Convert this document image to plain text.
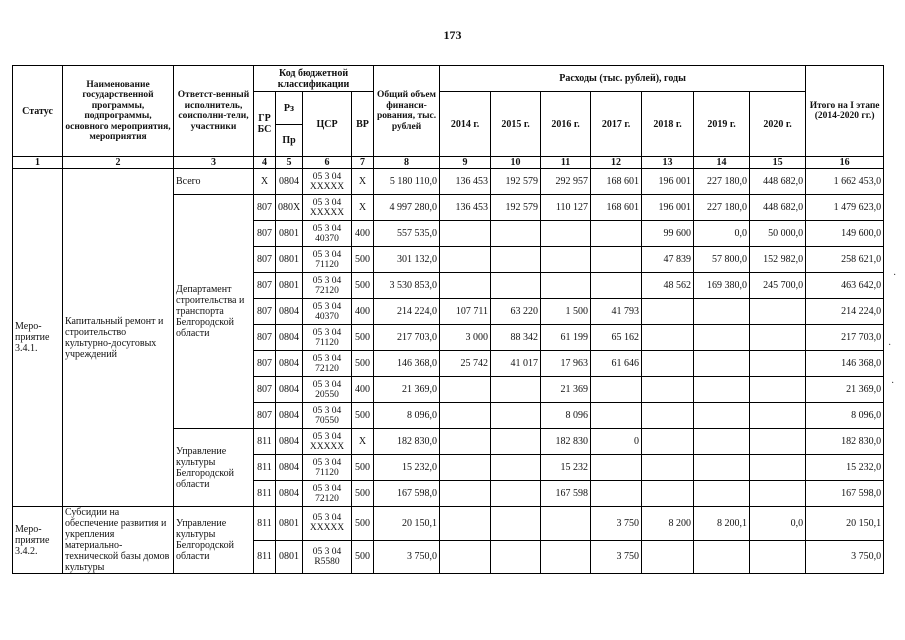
173
Статус	Наименование государственной программы, подпрограммы, основного мероприятия, мероприятия	Ответст-венный исполнитель, соисполни-тели, участники	Код бюджетной классификации				Общий объем финанси-рования, тыс. рублей	Расходы (тыс. рублей), годы							Итого на I этапе (2014-2020 гг.)
			ГР БС	Рз	ЦСР	ВР		2014 г.	2015 г.	2016 г.	2017 г.	2018 г.	2019 г.	2020 г.	
				Пр											
1	2	3	4	5	6	7	8	9	10	11	12	13	14	15	16
Меро-приятие 3.4.1.	Капитальный ремонт и строительство культурно-досуговых учреждений	Всего	Х	0804	05 3 04 ХХХХХ	Х	5 180 110,0	136 453	192 579	292 957	168 601	196 001	227 180,0	448 682,0	1 662 453,0
		Департамент строительства и транспорта Белгородской области	807	080Х	05 3 04 ХХХХХ	Х	4 997 280,0	136 453	192 579	110 127	168 601	196 001	227 180,0	448 682,0	1 479 623,0
			807	0801	05 3 04 40370	400	557 535,0					99 600	0,0	50 000,0	149 600,0
			807	0801	05 3 04 71120	500	301 132,0					47 839	57 800,0	152 982,0	258 621,0
			807	0801	05 3 04 72120	500	3 530 853,0					48 562	169 380,0	245 700,0	463 642,0
			807	0804	05 3 04 40370	400	214 224,0	107 711	63 220	1 500	41 793				214 224,0
			807	0804	05 3 04 71120	500	217 703,0	3 000	88 342	61 199	65 162				217 703,0
			807	0804	05 3 04 72120	500	146 368,0	25 742	41 017	17 963	61 646				146 368,0
			807	0804	05 3 04 20550	400	21 369,0			21 369					21 369,0
			807	0804	05 3 04 70550	500	8 096,0			8 096					8 096,0
		Управление культуры Белгородской области	811	0804	05 3 04 ХХХХХ	Х	182 830,0			182 830	0				182 830,0
			811	0804	05 3 04 71120	500	15 232,0			15 232					15 232,0
			811	0804	05 3 04 72120	500	167 598,0			167 598					167 598,0
Меро-приятие 3.4.2.	Субсидии на обеспечение развития и укрепления материально-технической базы домов культуры	Управление культуры Белгородской области	811	0801	05 3 04 ХХХХХ	500	20 150,1				3 750	8 200	8 200,1	0,0	20 150,1
			811	0801	05 3 04 R5580	500	3 750,0				3 750				3 750,0
·
·
·
